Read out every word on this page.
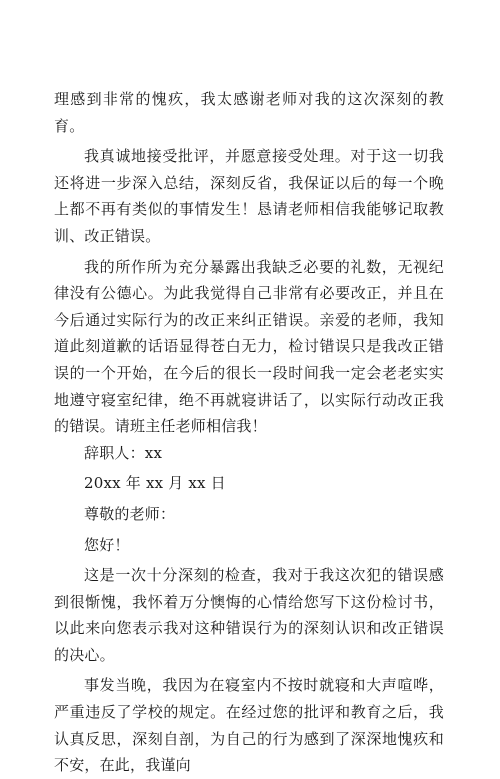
理感到非常的愧疚，我太感谢老师对我的这次深刻的教育。

我真诚地接受批评，并愿意接受处理。对于这一切我还将进一步深入总结，深刻反省，我保证以后的每一个晚上都不再有类似的事情发生！恳请老师相信我能够记取教训、改正错误。

我的所作所为充分暴露出我缺乏必要的礼数，无视纪律没有公德心。为此我觉得自己非常有必要改正，并且在今后通过实际行为的改正来纠正错误。亲爱的老师，我知道此刻道歉的话语显得苍白无力，检讨错误只是我改正错误的一个开始，在今后的很长一段时间我一定会老老实实地遵守寝室纪律，绝不再就寝讲话了，以实际行动改正我的错误。请班主任老师相信我！

辞职人：xx

20xx 年 xx 月 xx 日

尊敬的老师：

您好！

这是一次十分深刻的检查，我对于我这次犯的错误感到很惭愧，我怀着万分懊悔的心情给您写下这份检讨书，以此来向您表示我对这种错误行为的深刻认识和改正错误的决心。

事发当晚，我因为在寝室内不按时就寝和大声喧哗，严重违反了学校的规定。在经过您的批评和教育之后，我认真反思，深刻自剖，为自己的行为感到了深深地愧疚和不安，在此，我谨向
